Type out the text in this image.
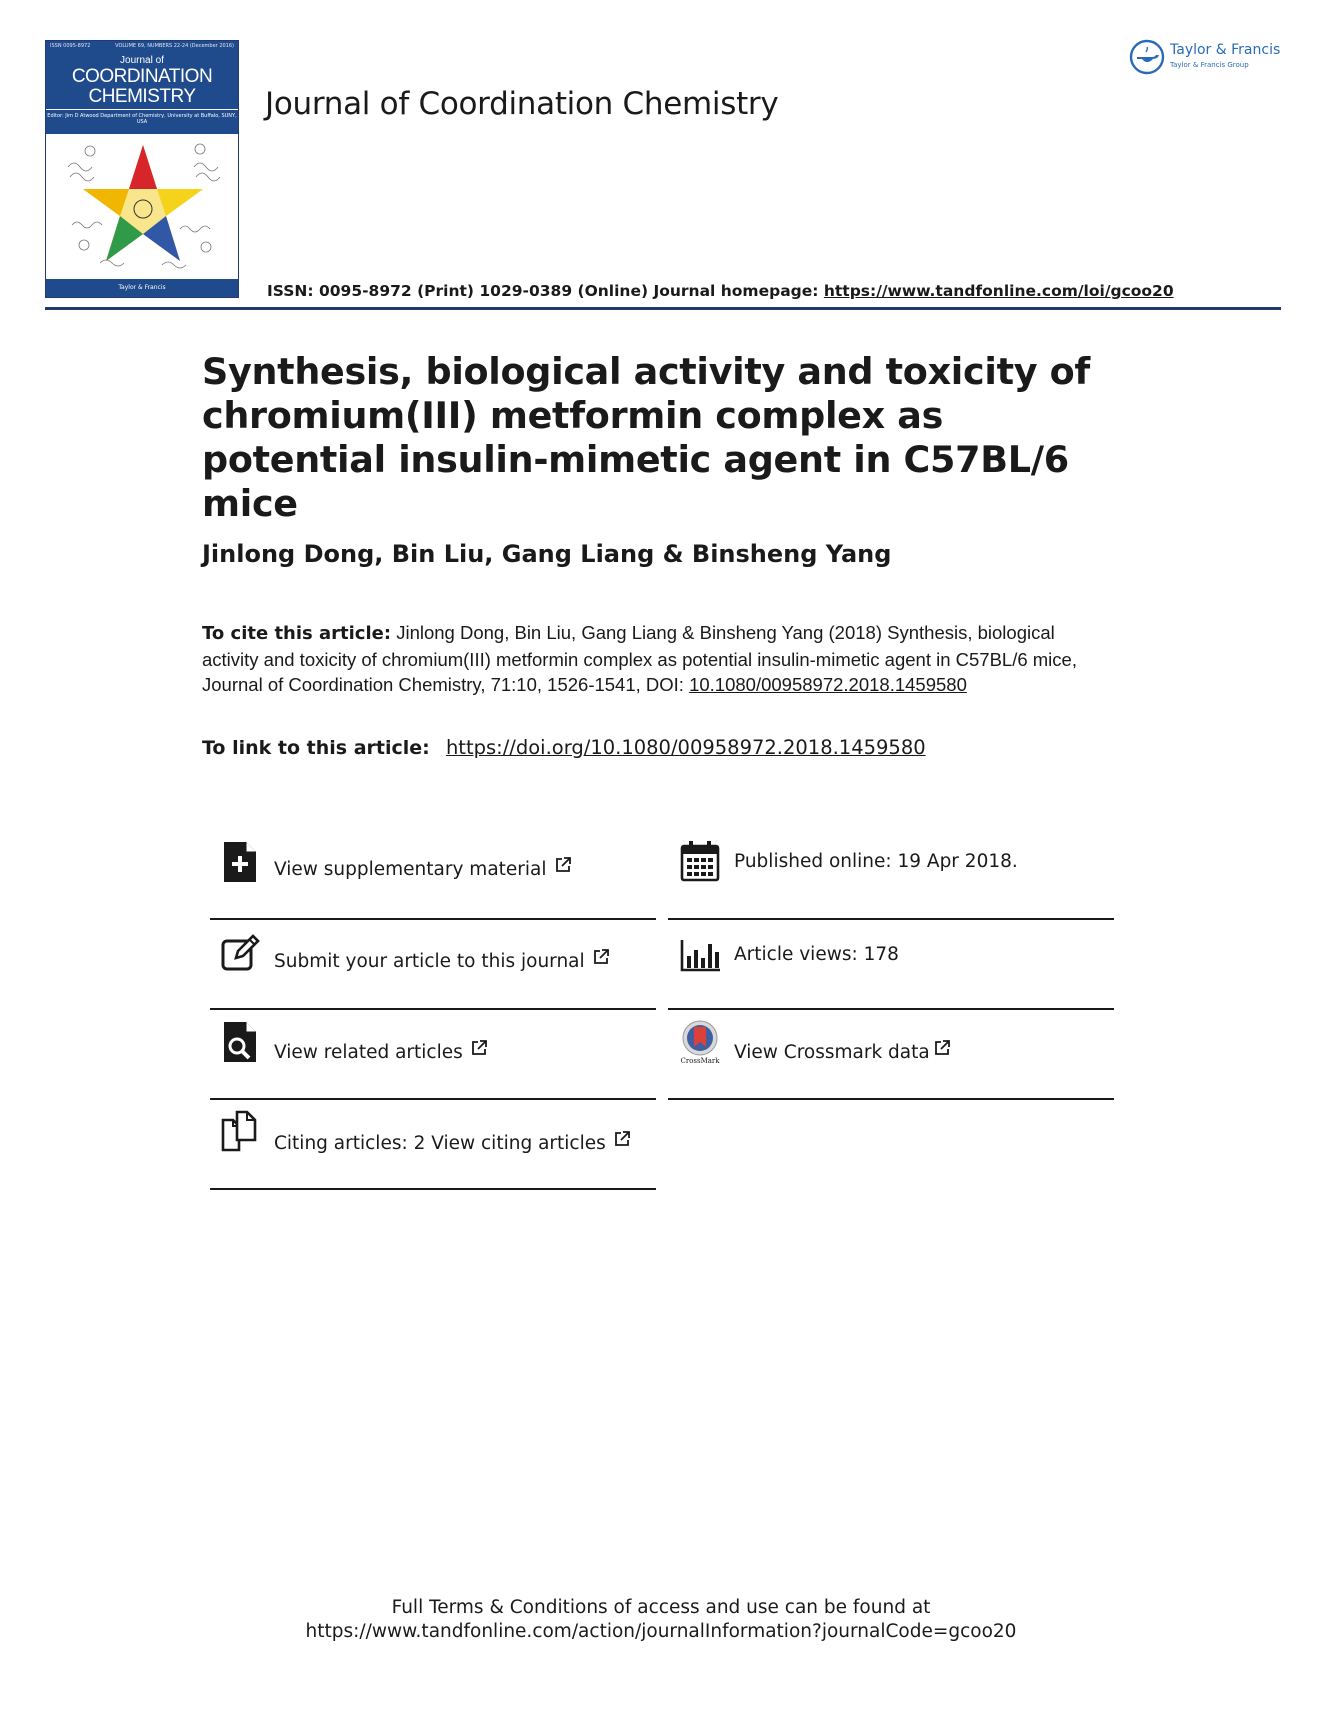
ISSN 0095-8972	VOLUME 69, NUMBERS 22-24 (December 2016)
Journal of
COORDINATION
CHEMISTRY
Editor: Jim D Atwood Department of Chemistry, University at Buffalo, SUNY, USA
Taylor & Francis
Journal of Coordination Chemistry
Taylor & Francis
Taylor & Francis Group
ISSN: 0095-8972 (Print) 1029-0389 (Online) Journal homepage: https://www.tandfonline.com/loi/gcoo20
Synthesis, biological activity and toxicity of chromium(III) metformin complex as potential insulin-mimetic agent in C57BL/6 mice
Jinlong Dong, Bin Liu, Gang Liang & Binsheng Yang

To cite this article: Jinlong Dong, Bin Liu, Gang Liang & Binsheng Yang (2018) Synthesis, biological activity and toxicity of chromium(III) metformin complex as potential insulin-mimetic agent in C57BL/6 mice, Journal of Coordination Chemistry, 71:10, 1526-1541, DOI: 10.1080/00958972.2018.1459580

To link to this article: https://doi.org/10.1080/00958972.2018.1459580
View supplementary material
Submit your article to this journal
View related articles
Citing articles: 2 View citing articles
Published online: 19 Apr 2018.
Article views: 178
CrossMark View Crossmark data
Full Terms & Conditions of access and use can be found at
https://www.tandfonline.com/action/journalInformation?journalCode=gcoo20
